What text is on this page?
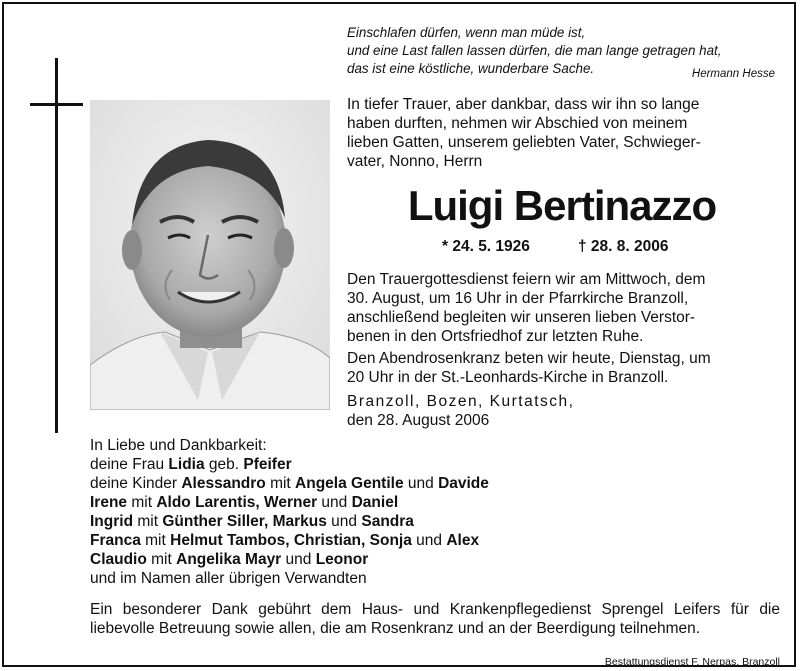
Einschlafen dürfen, wenn man müde ist,
und eine Last fallen lassen dürfen, die man lange getragen hat,
das ist eine köstliche, wunderbare Sache.	Hermann Hesse
In tiefer Trauer, aber dankbar, dass wir ihn so lange
haben durften, nehmen wir Abschied von meinem
lieben Gatten, unserem geliebten Vater, Schwieger-
vater, Nonno, Herrn
Luigi Bertinazzo
* 24. 5. 1926	† 28. 8. 2006
Den Trauergottesdienst feiern wir am Mittwoch, dem
30. August, um 16 Uhr in der Pfarrkirche Branzoll,
anschließend begleiten wir unseren lieben Verstor-
benen in den Ortsfriedhof zur letzten Ruhe.
Den Abendrosenkranz beten wir heute, Dienstag, um
20 Uhr in der St.-Leonhards-Kirche in Branzoll.
Branzoll, Bozen, Kurtatsch,
den 28. August 2006
In Liebe und Dankbarkeit:
deine Frau Lidia geb. Pfeifer
deine Kinder Alessandro mit Angela Gentile und Davide
Irene mit Aldo Larentis, Werner und Daniel
Ingrid mit Günther Siller, Markus und Sandra
Franca mit Helmut Tambos, Christian, Sonja und Alex
Claudio mit Angelika Mayr und Leonor
und im Namen aller übrigen Verwandten
Ein besonderer Dank gebührt dem Haus- und Krankenpflegedienst Sprengel Leifers für die liebevolle Betreuung sowie allen, die am Rosenkranz und an der Beerdigung teilnehmen.
Bestattungsdienst F. Nerpas, Branzoll
